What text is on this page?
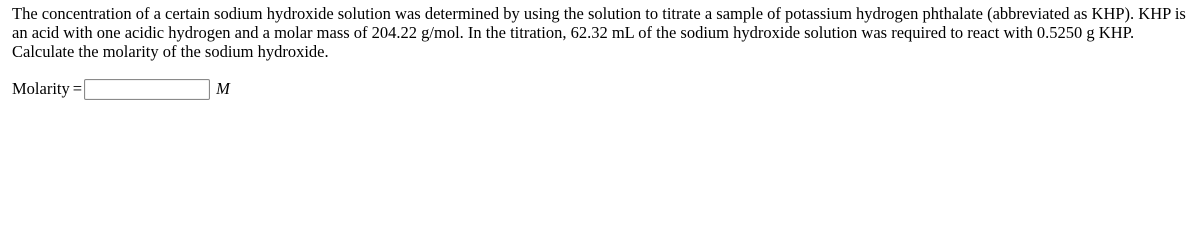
The concentration of a certain sodium hydroxide solution was determined by using the solution to titrate a sample of potassium hydrogen phthalate (abbreviated as KHP). KHP is an acid with one acidic hydrogen and a molar mass of 204.22 g/mol. In the titration, 62.32 mL of the sodium hydroxide solution was required to react with 0.5250 g KHP. Calculate the molarity of the sodium hydroxide.

Molarity =	M
